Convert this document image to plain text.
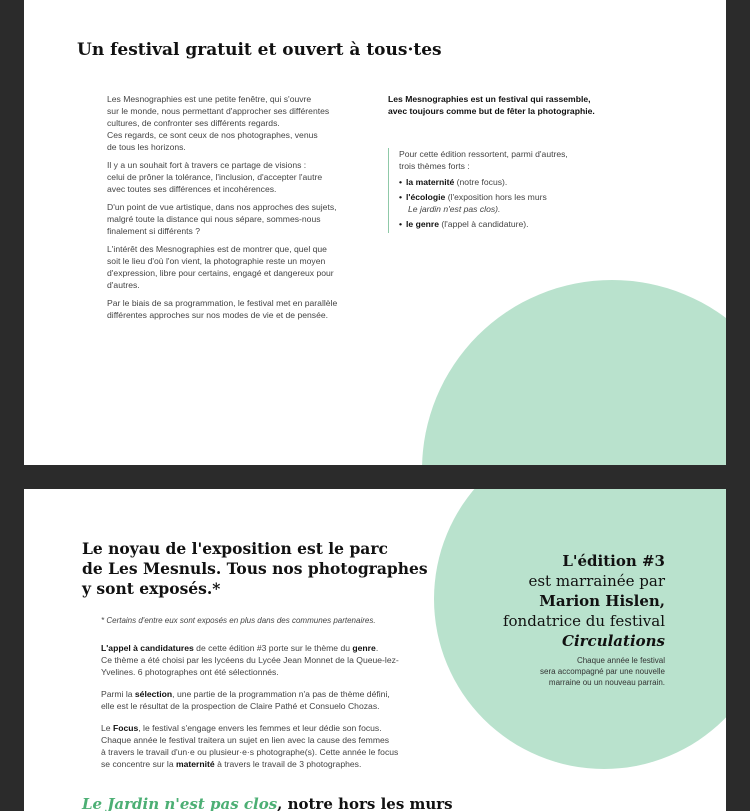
Un festival gratuit et ouvert à tous·tes

Les Mesnographies est une petite fenêtre, qui s'ouvre
sur le monde, nous permettant d'approcher ses différentes
cultures, de confronter ses différents regards.
Ces regards, ce sont ceux de nos photographes, venus
de tous les horizons.

Il y a un souhait fort à travers ce partage de visions :
celui de prôner la tolérance, l'inclusion, d'accepter l'autre
avec toutes ses différences et incohérences.

D'un point de vue artistique, dans nos approches des sujets,
malgré toute la distance qui nous sépare, sommes-nous
finalement si différents ?

L'intérêt des Mesnographies est de montrer que, quel que
soit le lieu d'où l'on vient, la photographie reste un moyen
d'expression, libre pour certains, engagé et dangereux pour
d'autres.

Par le biais de sa programmation, le festival met en parallèle
différentes approches sur nos modes de vie et de pensée.

Les Mesnographies est un festival qui rassemble,
avec toujours comme but de fêter la photographie.
Pour cette édition ressortent, parmi d'autres,
trois thèmes forts :
• la maternité (notre focus).
• l'écologie (l'exposition hors les murs
Le jardin n'est pas clos).
• le genre (l'appel à candidature).
Le noyau de l'exposition est le parc
de Les Mesnuls. Tous nos photographes
y sont exposés.*
* Certains d'entre eux sont exposés en plus dans des communes partenaires.

L'appel à candidatures de cette édition #3 porte sur le thème du genre.
Ce thème a été choisi par les lycéens du Lycée Jean Monnet de la Queue-lez-
Yvelines. 6 photographes ont été sélectionnés.

Parmi la sélection, une partie de la programmation n'a pas de thème défini,
elle est le résultat de la prospection de Claire Pathé et Consuelo Chozas.

Le Focus, le festival s'engage envers les femmes et leur dédie son focus.
Chaque année le festival traitera un sujet en lien avec la cause des femmes
à travers le travail d'un·e ou plusieur·e·s photographe(s). Cette année le focus
se concentre sur la maternité à travers le travail de 3 photographes.

L'édition #3
est marrainée par
Marion Hislen,
fondatrice du festival
Circulations
Chaque année le festival
sera accompagné par une nouvelle
marraine ou un nouveau parrain.
Le Jardin n'est pas clos, notre hors les murs
